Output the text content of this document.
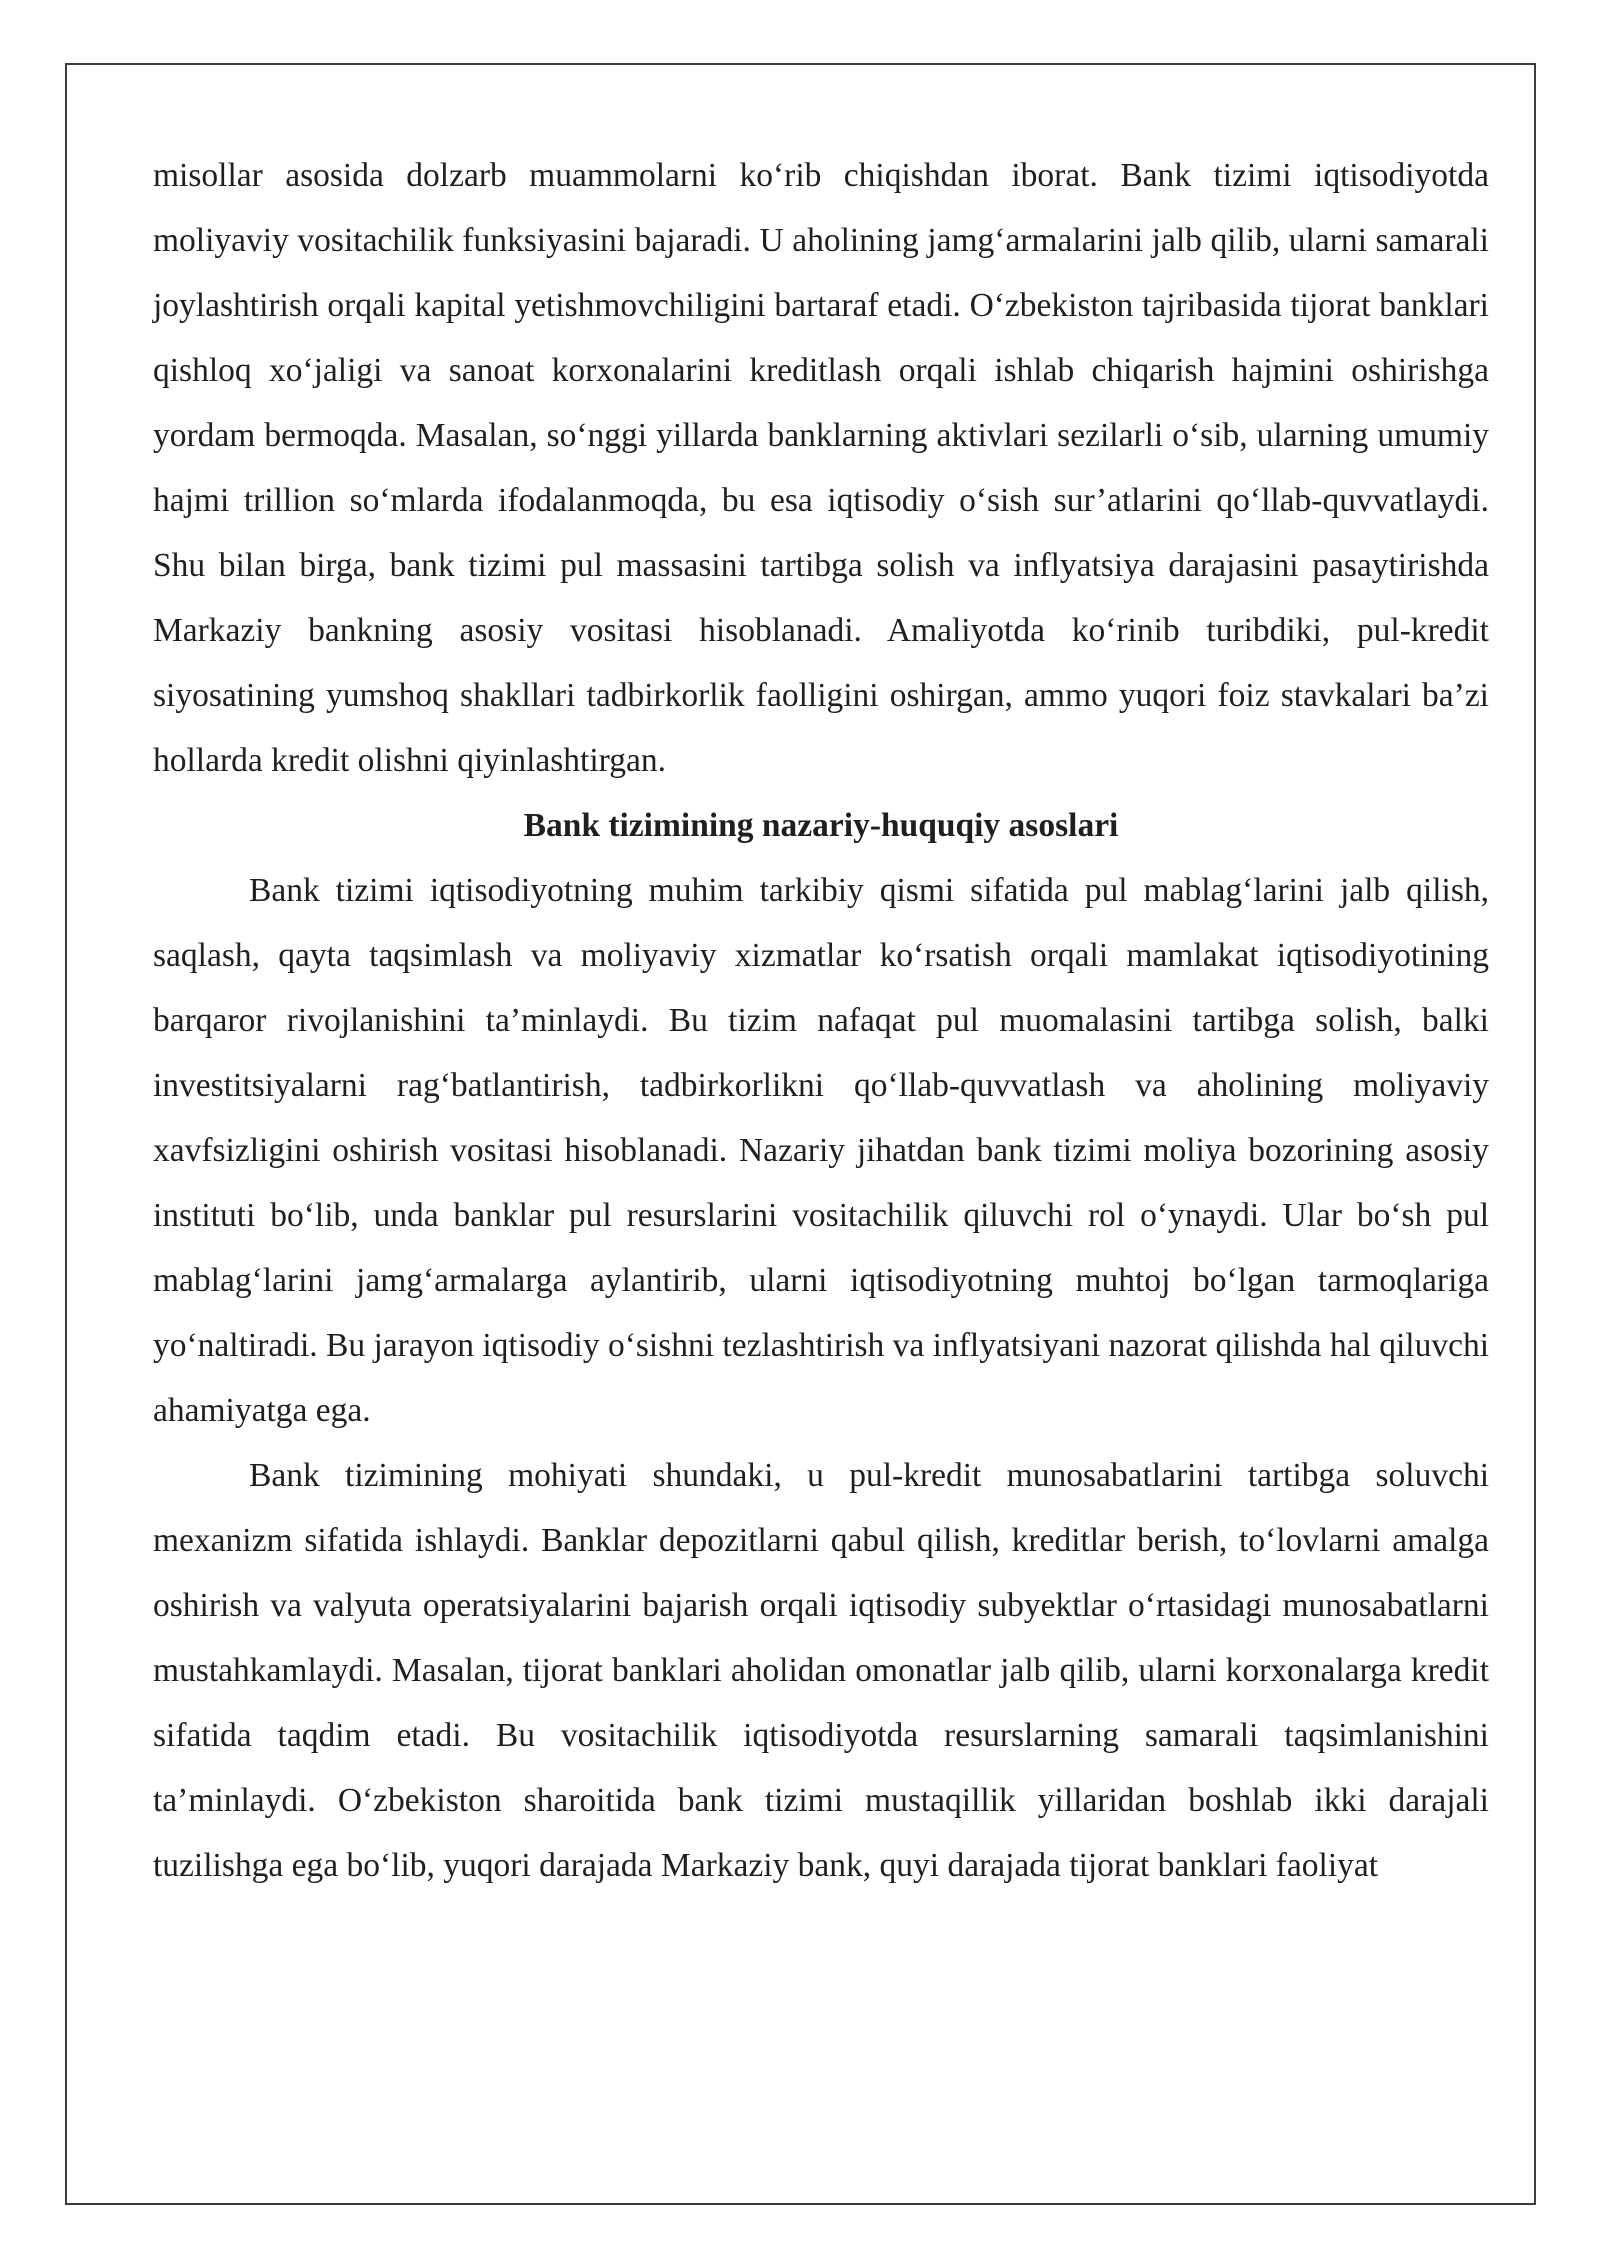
misollar asosida dolzarb muammolarni ko‘rib chiqishdan iborat. Bank tizimi iqtisodiyotda moliyaviy vositachilik funksiyasini bajaradi. U aholining jamg‘armalarini jalb qilib, ularni samarali joylashtirish orqali kapital yetishmovchiligini bartaraf etadi. O‘zbekiston tajribasida tijorat banklari qishloq xo‘jaligi va sanoat korxonalarini kreditlash orqali ishlab chiqarish hajmini oshirishga yordam bermoqda. Masalan, so‘nggi yillarda banklarning aktivlari sezilarli o‘sib, ularning umumiy hajmi trillion so‘mlarda ifodalanmoqda, bu esa iqtisodiy o‘sish sur’atlarini qo‘llab-quvvatlaydi. Shu bilan birga, bank tizimi pul massasini tartibga solish va inflyatsiya darajasini pasaytirishda Markaziy bankning asosiy vositasi hisoblanadi. Amaliyotda ko‘rinib turibdiki, pul-kredit siyosatining yumshoq shakllari tadbirkorlik faolligini oshirgan, ammo yuqori foiz stavkalari ba’zi hollarda kredit olishni qiyinlashtirgan.

Bank tizimining nazariy-huquqiy asoslari

Bank tizimi iqtisodiyotning muhim tarkibiy qismi sifatida pul mablag‘larini jalb qilish, saqlash, qayta taqsimlash va moliyaviy xizmatlar ko‘rsatish orqali mamlakat iqtisodiyotining barqaror rivojlanishini ta’minlaydi. Bu tizim nafaqat pul muomalasini tartibga solish, balki investitsiyalarni rag‘batlantirish, tadbirkorlikni qo‘llab-quvvatlash va aholining moliyaviy xavfsizligini oshirish vositasi hisoblanadi. Nazariy jihatdan bank tizimi moliya bozorining asosiy instituti bo‘lib, unda banklar pul resurslarini vositachilik qiluvchi rol o‘ynaydi. Ular bo‘sh pul mablag‘larini jamg‘armalarga aylantirib, ularni iqtisodiyotning muhtoj bo‘lgan tarmoqlariga yo‘naltiradi. Bu jarayon iqtisodiy o‘sishni tezlashtirish va inflyatsiyani nazorat qilishda hal qiluvchi ahamiyatga ega.

Bank tizimining mohiyati shundaki, u pul-kredit munosabatlarini tartibga soluvchi mexanizm sifatida ishlaydi. Banklar depozitlarni qabul qilish, kreditlar berish, to‘lovlarni amalga oshirish va valyuta operatsiyalarini bajarish orqali iqtisodiy subyektlar o‘rtasidagi munosabatlarni mustahkamlaydi. Masalan, tijorat banklari aholidan omonatlar jalb qilib, ularni korxonalarga kredit sifatida taqdim etadi. Bu vositachilik iqtisodiyotda resurslarning samarali taqsimlanishini ta’minlaydi. O‘zbekiston sharoitida bank tizimi mustaqillik yillaridan boshlab ikki darajali tuzilishga ega bo‘lib, yuqori darajada Markaziy bank, quyi darajada tijorat banklari faoliyat
